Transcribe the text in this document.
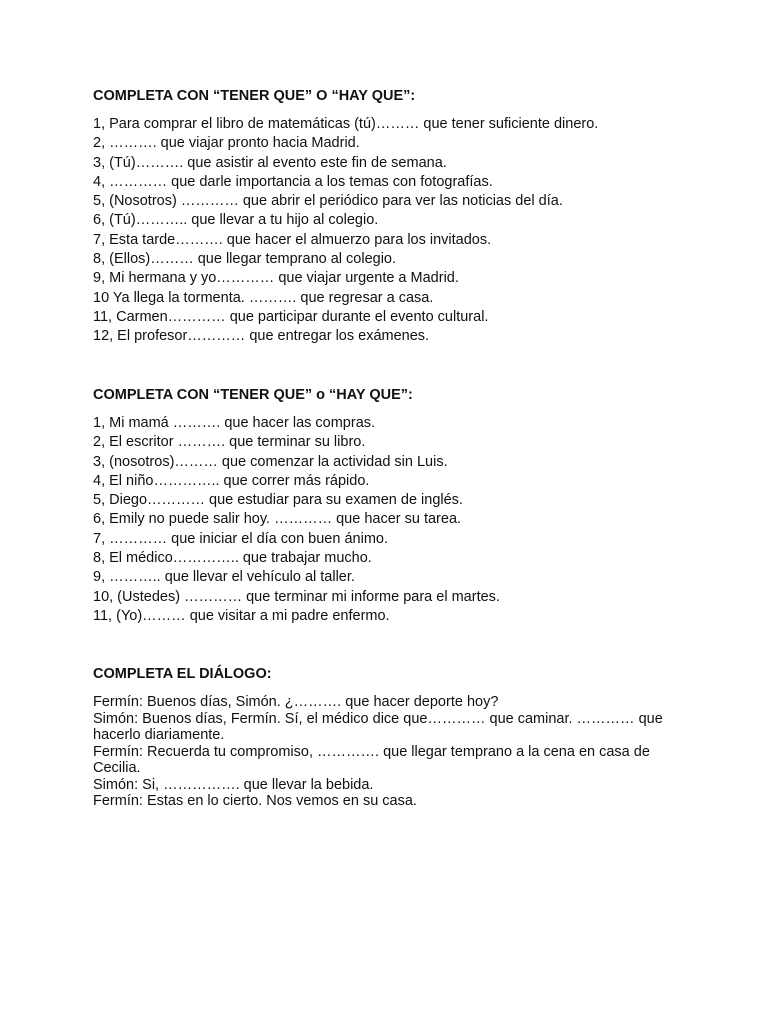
COMPLETA CON “TENER QUE” O “HAY QUE”:
1, Para comprar el libro de matemáticas (tú)……… que tener suficiente dinero.
2, ………. que viajar pronto hacia Madrid.
3, (Tú)………. que asistir al evento este fin de semana.
4, ………… que darle importancia a los temas con fotografías.
5, (Nosotros) ………… que abrir el periódico para ver las noticias del día.
6, (Tú)……….. que llevar a tu hijo al colegio.
7, Esta tarde………. que hacer el almuerzo para los invitados.
8, (Ellos)……… que llegar temprano al colegio.
9, Mi hermana y yo………… que viajar urgente a Madrid.
10 Ya llega la tormenta. ………. que regresar a casa.
11, Carmen………… que participar durante el evento cultural.
12, El profesor………… que entregar los exámenes.
COMPLETA CON “TENER QUE” o “HAY QUE”:
1, Mi mamá ………. que hacer las compras.
2, El escritor ………. que terminar su libro.
3, (nosotros)……… que comenzar la actividad sin Luis.
4, El niño………….. que correr más rápido.
5, Diego………… que estudiar para su examen de inglés.
6, Emily no puede salir hoy. ………… que hacer su tarea.
7, ………… que iniciar el día con buen ánimo.
8, El médico………….. que trabajar mucho.
9, ……….. que llevar el vehículo al taller.
10, (Ustedes) ………… que terminar mi informe para el martes.
11, (Yo)……… que visitar a mi padre enfermo.
COMPLETA EL DIÁLOGO:
Fermín: Buenos días, Simón. ¿………. que hacer deporte hoy?
Simón: Buenos días, Fermín. Sí, el médico dice que………… que caminar. ………… que hacerlo diariamente.
Fermín: Recuerda tu compromiso, …………. que llegar temprano a la cena en casa de Cecilia.
Simón: Si, ……………. que llevar la bebida.
Fermín: Estas en lo cierto. Nos vemos en su casa.
